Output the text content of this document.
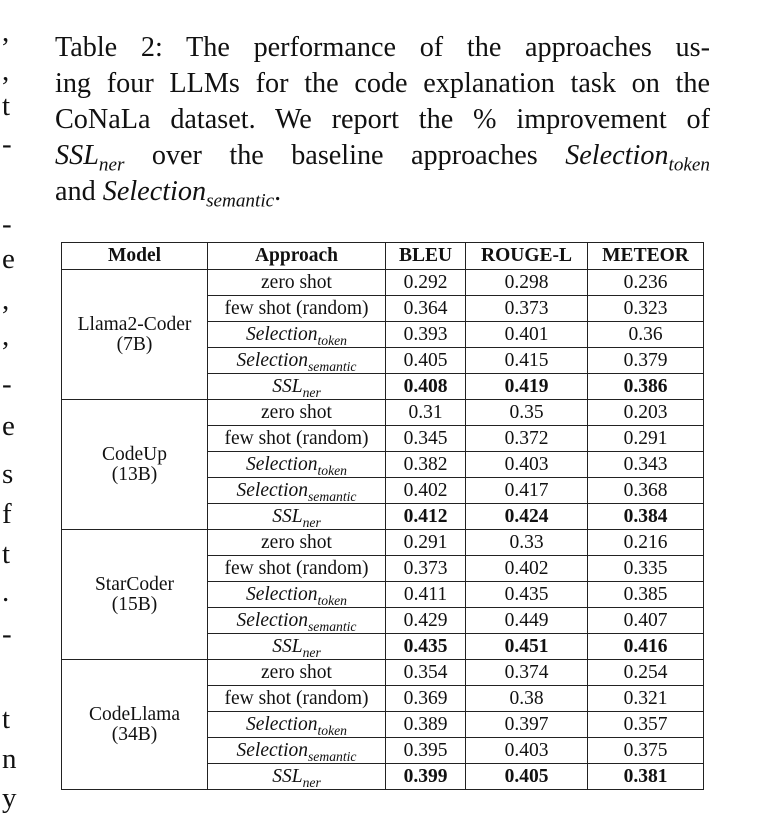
,
,
t
-
-
e
,
,
-
e
s
f
t
.
-
t
n
y
Table 2: The performance of the approaches us-
ing four LLMs for the code explanation task on the
CoNaLa dataset. We report the % improvement of
$SSL_{ner}$ over the baseline approaches Selection$_{token}$
and Selection$_{semantic}$.
Model	Approach	BLEU	ROUGE-L	METEOR

Llama2-Coder
(7B)	zero shot	0.292	0.298	0.236
	few shot (random)	0.364	0.373	0.323
	Selection$_{token}$	0.393	0.401	0.36
	Selection$_{semantic}$	0.405	0.415	0.379
	$SSL_{ner}$	0.408	0.419	0.386

CodeUp
(13B)	zero shot	0.31	0.35	0.203
	few shot (random)	0.345	0.372	0.291
	Selection$_{token}$	0.382	0.403	0.343
	Selection$_{semantic}$	0.402	0.417	0.368
	$SSL_{ner}$	0.412	0.424	0.384

StarCoder
(15B)	zero shot	0.291	0.33	0.216
	few shot (random)	0.373	0.402	0.335
	Selection$_{token}$	0.411	0.435	0.385
	Selection$_{semantic}$	0.429	0.449	0.407
	$SSL_{ner}$	0.435	0.451	0.416

CodeLlama
(34B)	zero shot	0.354	0.374	0.254
	few shot (random)	0.369	0.38	0.321
	Selection$_{token}$	0.389	0.397	0.357
	Selection$_{semantic}$	0.395	0.403	0.375
	$SSL_{ner}$	0.399	0.405	0.381
